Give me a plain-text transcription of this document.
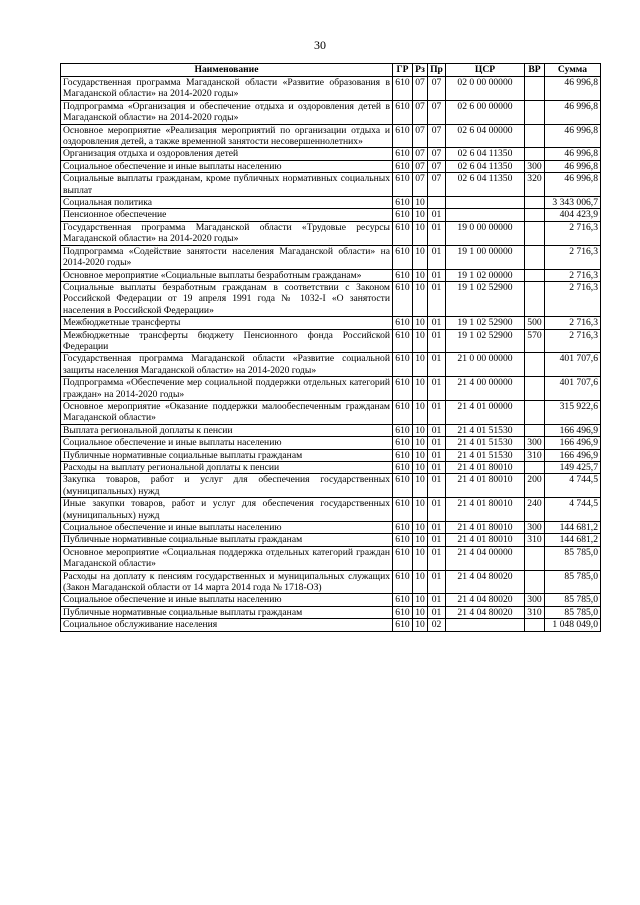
30
Наименование	ГР	Рз	Пр	ЦСР	ВР	Сумма
Государственная программа Магаданской области «Развитие образования в Магаданской области» на 2014-2020 годы»	610	07	07	02 0 00 00000		46 996,8
Подпрограмма «Организация и обеспечение отдыха и оздоровления детей в Магаданской области» на 2014-2020 годы»	610	07	07	02 6 00 00000		46 996,8
Основное мероприятие «Реализация мероприятий по организации отдыха и оздоровления детей, а также временной занятости несовершеннолетних»	610	07	07	02 6 04 00000		46 996,8
Организация отдыха и оздоровления детей	610	07	07	02 6 04 11350		46 996,8
Социальное обеспечение и иные выплаты населению	610	07	07	02 6 04 11350	300	46 996,8
Социальные выплаты гражданам, кроме публичных нормативных социальных выплат	610	07	07	02 6 04 11350	320	46 996,8
Социальная политика	610	10				3 343 006,7
Пенсионное обеспечение	610	10	01			404 423,9
Государственная программа Магаданской области «Трудовые ресурсы Магаданской области» на 2014-2020 годы»	610	10	01	19 0 00 00000		2 716,3
Подпрограмма «Содействие занятости населения Магаданской области» на 2014-2020 годы»	610	10	01	19 1 00 00000		2 716,3
Основное мероприятие «Социальные выплаты безработным гражданам»	610	10	01	19 1 02 00000		2 716,3
Социальные выплаты безработным гражданам в соответствии с Законом Российской Федерации от 19 апреля 1991 года № 1032-I «О занятости населения в Российской Федерации»	610	10	01	19 1 02 52900		2 716,3
Межбюджетные трансферты	610	10	01	19 1 02 52900	500	2 716,3
Межбюджетные трансферты бюджету Пенсионного фонда Российской Федерации	610	10	01	19 1 02 52900	570	2 716,3
Государственная программа Магаданской области «Развитие социальной защиты населения Магаданской области» на 2014-2020 годы»	610	10	01	21 0 00 00000		401 707,6
Подпрограмма «Обеспечение мер социальной поддержки отдельных категорий граждан» на 2014-2020 годы»	610	10	01	21 4 00 00000		401 707,6
Основное мероприятие «Оказание поддержки малообеспеченным гражданам Магаданской области»	610	10	01	21 4 01 00000		315 922,6
Выплата региональной доплаты к пенсии	610	10	01	21 4 01 51530		166 496,9
Социальное обеспечение и иные выплаты населению	610	10	01	21 4 01 51530	300	166 496,9
Публичные нормативные социальные выплаты гражданам	610	10	01	21 4 01 51530	310	166 496,9
Расходы на выплату региональной доплаты к пенсии	610	10	01	21 4 01 80010		149 425,7
Закупка товаров, работ и услуг для обеспечения государственных (муниципальных) нужд	610	10	01	21 4 01 80010	200	4 744,5
Иные закупки товаров, работ и услуг для обеспечения государственных (муниципальных) нужд	610	10	01	21 4 01 80010	240	4 744,5
Социальное обеспечение и иные выплаты населению	610	10	01	21 4 01 80010	300	144 681,2
Публичные нормативные социальные выплаты гражданам	610	10	01	21 4 01 80010	310	144 681,2
Основное мероприятие «Социальная поддержка отдельных категорий граждан Магаданской области»	610	10	01	21 4 04 00000		85 785,0
Расходы на доплату к пенсиям государственных и муниципальных служащих (Закон Магаданской области от 14 марта 2014 года № 1718-ОЗ)	610	10	01	21 4 04 80020		85 785,0
Социальное обеспечение и иные выплаты населению	610	10	01	21 4 04 80020	300	85 785,0
Публичные нормативные социальные выплаты гражданам	610	10	01	21 4 04 80020	310	85 785,0
Социальное обслуживание населения	610	10	02			1 048 049,0
